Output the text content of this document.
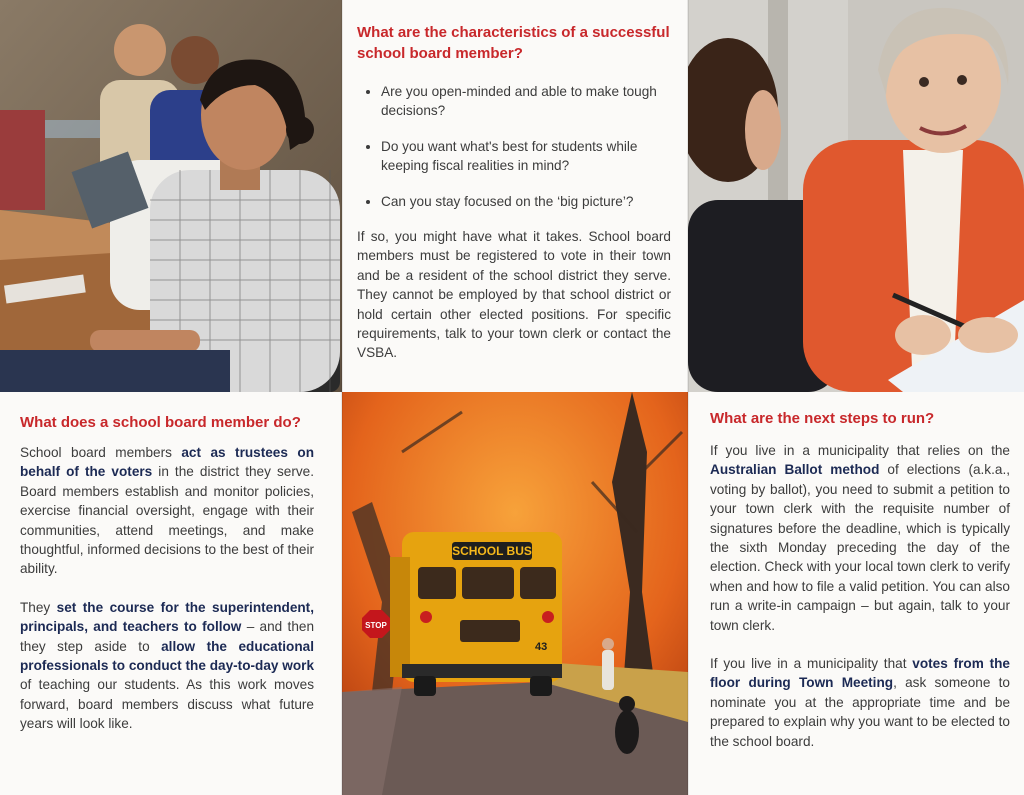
What are the characteristics of a successful school board member?
• Are you open-minded and able to make tough decisions?
• Do you want what's best for students while keeping fiscal realities in mind?
• Can you stay focused on the ‘big picture’?

If so, you might have what it takes. School board members must be registered to vote in their town and be a resident of the school district they serve. They cannot be employed by that school district or hold certain other elected positions. For specific requirements, talk to your town clerk or contact the VSBA.

What does a school board member do?

School board members act as trustees on behalf of the voters in the district they serve. Board members establish and monitor policies, exercise financial oversight, engage with their communities, attend meetings, and make thoughtful, informed decisions to the best of their ability.

They set the course for the superintendent, principals, and teachers to follow – and then they step aside to allow the educational professionals to conduct the day-to-day work of teaching our students. As this work moves forward, board members discuss what future years will look like.

SCHOOL BUS
43
STOP
What are the next steps to run?

If you live in a municipality that relies on the Australian Ballot method of elections (a.k.a., voting by ballot), you need to submit a petition to your town clerk with the requisite number of signatures before the deadline, which is typically the sixth Monday preceding the day of the election. Check with your local town clerk to verify when and how to file a valid petition. You can also run a write-in campaign – but again, talk to your town clerk.

If you live in a municipality that votes from the floor during Town Meeting, ask someone to nominate you at the appropriate time and be prepared to explain why you want to be elected to the school board.
